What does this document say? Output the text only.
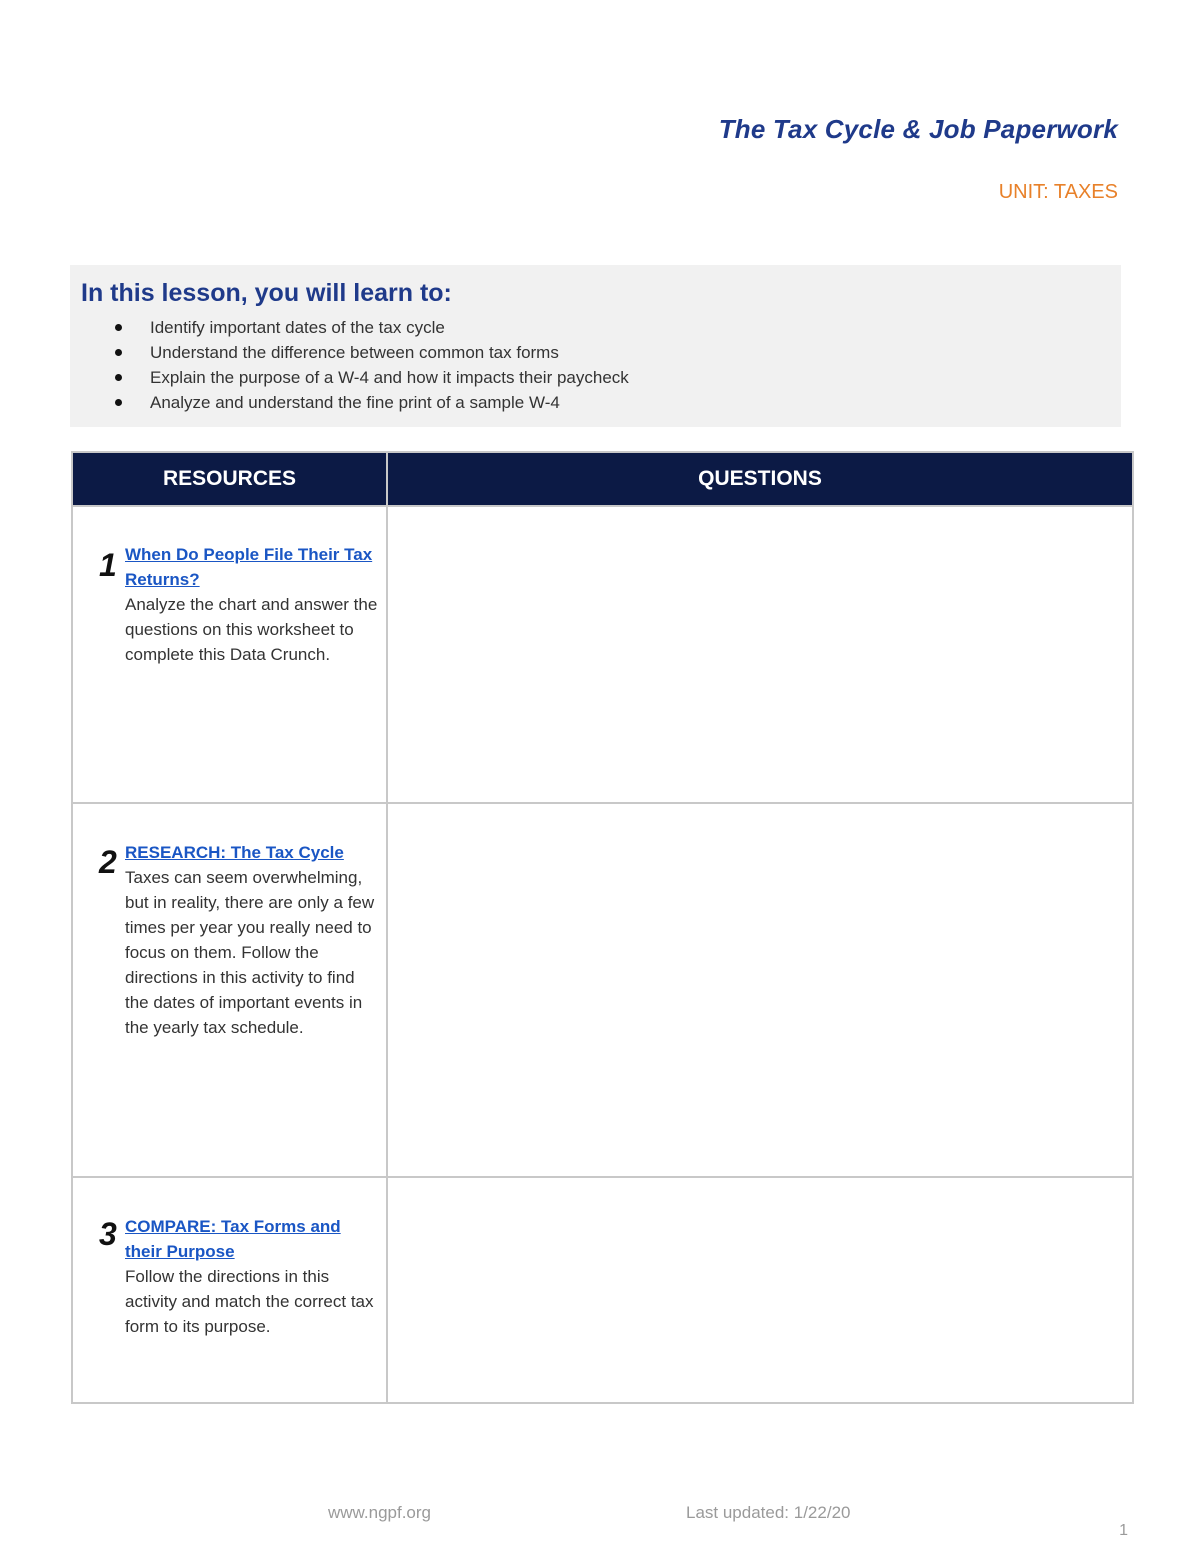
The Tax Cycle & Job Paperwork
UNIT: TAXES
In this lesson, you will learn to:
Identify important dates of the tax cycle
Understand the difference between common tax forms
Explain the purpose of a W-4 and how it impacts their paycheck
Analyze and understand the fine print of a sample W-4
RESOURCES	QUESTIONS

1 When Do People File Their Tax Returns?
Analyze the chart and answer the questions on this worksheet to complete this Data Crunch.	

2 RESEARCH: The Tax Cycle
Taxes can seem overwhelming, but in reality, there are only a few times per year you really need to focus on them. Follow the directions in this activity to find the dates of important events in the yearly tax schedule.	

3 COMPARE: Tax Forms and their Purpose
Follow the directions in this activity and match the correct tax form to its purpose.	

www.ngpf.org	Last updated: 1/22/20
1
